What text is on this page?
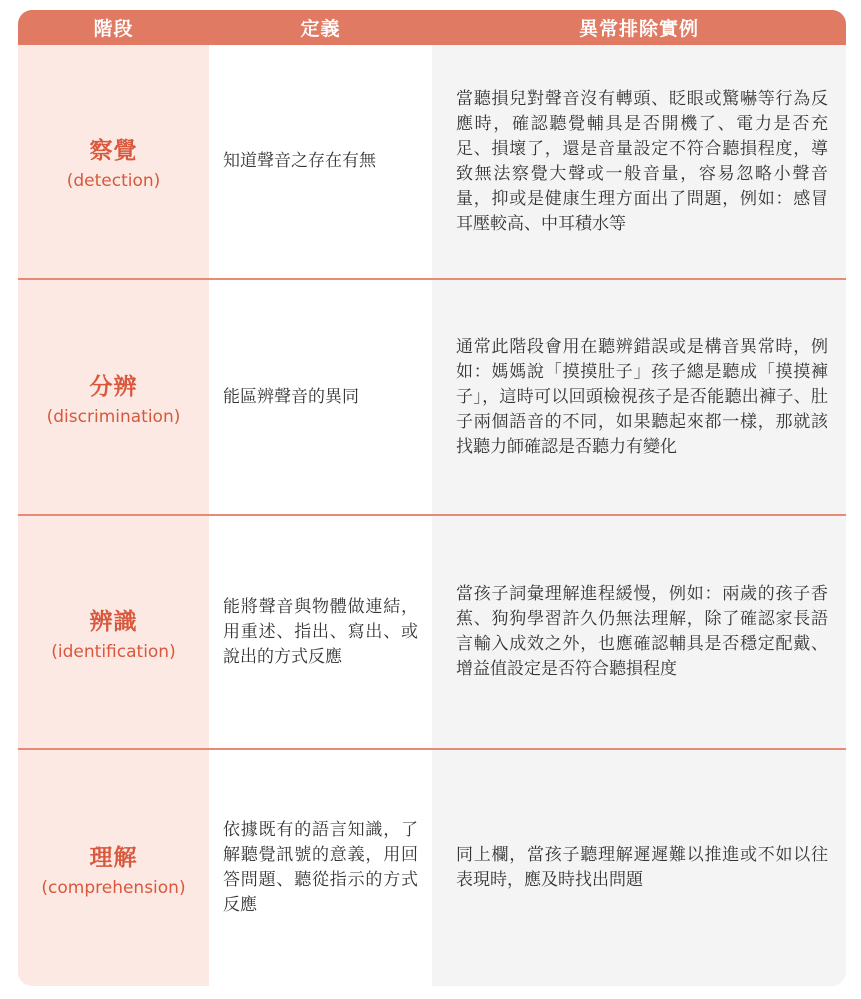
階段	定義	異常排除實例
察覺
(detection)
知道聲音之存在有無
當聽損兒對聲音沒有轉頭、眨眼或驚嚇等行為反應時，確認聽覺輔具是否開機了、電力是否充足、損壞了，還是音量設定不符合聽損程度，導致無法察覺大聲或一般音量，容易忽略小聲音量，抑或是健康生理方面出了問題，例如：感冒耳壓較高、中耳積水等
分辨
(discrimination)
能區辨聲音的異同
通常此階段會用在聽辨錯誤或是構音異常時，例如：媽媽說「摸摸肚子」孩子總是聽成「摸摸褲子」，這時可以回頭檢視孩子是否能聽出褲子、肚子兩個語音的不同，如果聽起來都一樣，那就該找聽力師確認是否聽力有變化
辨識
(identification)
能將聲音與物體做連結，用重述、指出、寫出、或說出的方式反應
當孩子詞彙理解進程緩慢，例如：兩歲的孩子香蕉、狗狗學習許久仍無法理解，除了確認家長語言輸入成效之外，也應確認輔具是否穩定配戴、增益值設定是否符合聽損程度
理解
(comprehension)
依據既有的語言知識，了解聽覺訊號的意義，用回答問題、聽從指示的方式反應
同上欄，當孩子聽理解遲遲難以推進或不如以往表現時，應及時找出問題
